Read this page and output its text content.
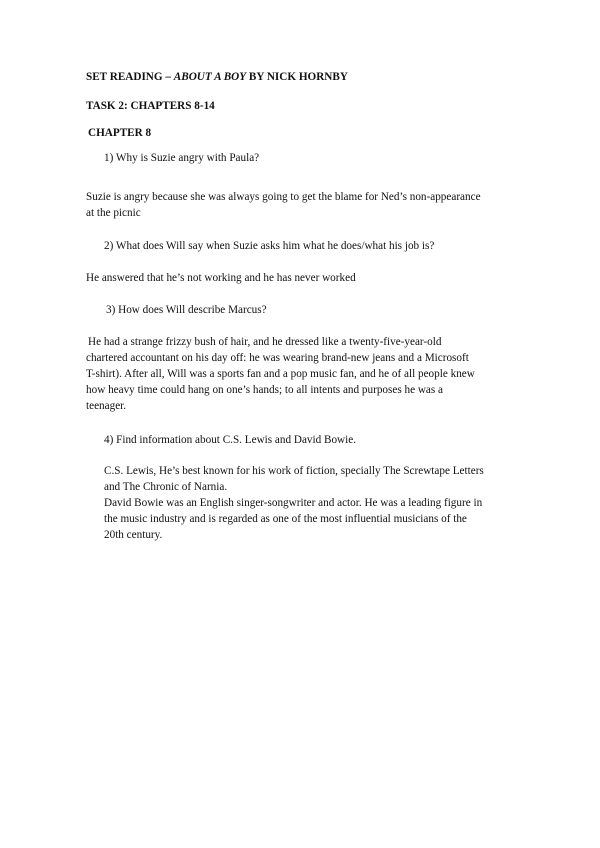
SET READING – ABOUT A BOY BY NICK HORNBY

TASK 2: CHAPTERS 8-14

CHAPTER 8

1) Why is Suzie angry with Paula?

Suzie is angry because she was always going to get the blame for Ned’s non-appearance

at the picnic

2) What does Will say when Suzie asks him what he does/what his job is?

He answered that he’s not working and he has never worked

3) How does Will describe Marcus?

He had a strange frizzy bush of hair, and he dressed like a twenty-five-year-old

chartered accountant on his day off: he was wearing brand-new jeans and a Microsoft

T-shirt). After all, Will was a sports fan and a pop music fan, and he of all people knew

how heavy time could hang on one’s hands; to all intents and purposes he was a

teenager.

4) Find information about C.S. Lewis and David Bowie.

C.S. Lewis, He’s best known for his work of fiction, specially The Screwtape Letters

and The Chronic of Narnia.

David Bowie was an English singer-songwriter and actor. He was a leading figure in

the music industry and is regarded as one of the most influential musicians of the

20th century.
